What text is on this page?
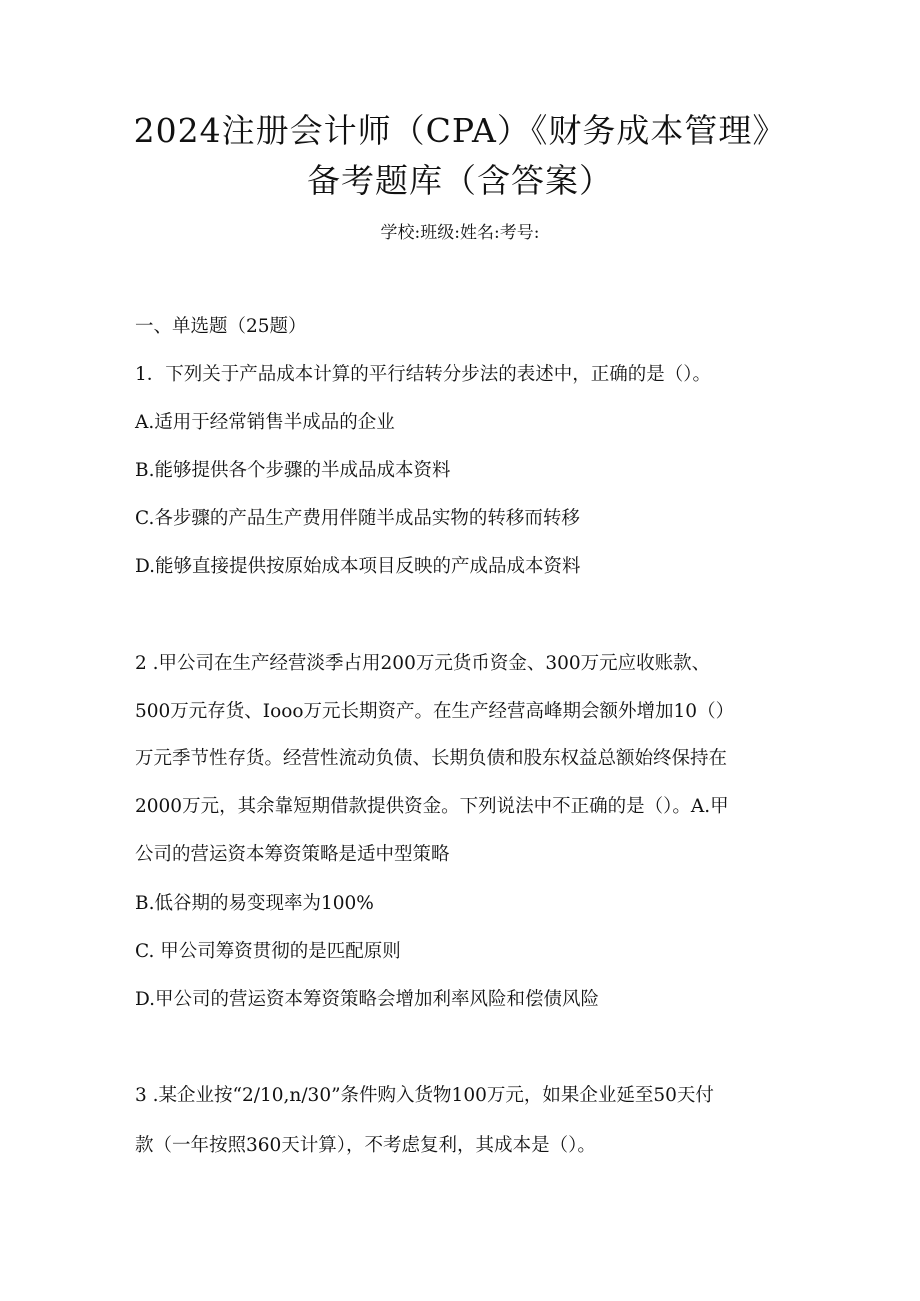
2024注册会计师（CPA）《财务成本管理》
备考题库（含答案）
学校:班级:姓名:考号:
一、单选题（25题）
1．下列关于产品成本计算的平行结转分步法的表述中，正确的是（）。
A.适用于经常销售半成品的企业
B.能够提供各个步骤的半成品成本资料
C.各步骤的产品生产费用伴随半成品实物的转移而转移
D.能够直接提供按原始成本项目反映的产成品成本资料
2 .甲公司在生产经营淡季占用200万元货币资金、300万元应收账款、
500万元存货、Iooo万元长期资产。在生产经营高峰期会额外增加10（）
万元季节性存货。经营性流动负债、长期负债和股东权益总额始终保持在
2000万元，其余靠短期借款提供资金。下列说法中不正确的是（）。A.甲
公司的营运资本筹资策略是适中型策略
B.低谷期的易变现率为100%
C. 甲公司筹资贯彻的是匹配原则
D.甲公司的营运资本筹资策略会增加利率风险和偿债风险
3 .某企业按“2/10,n/30”条件购入货物100万元，如果企业延至50天付
款（一年按照360天计算），不考虑复利，其成本是（）。
